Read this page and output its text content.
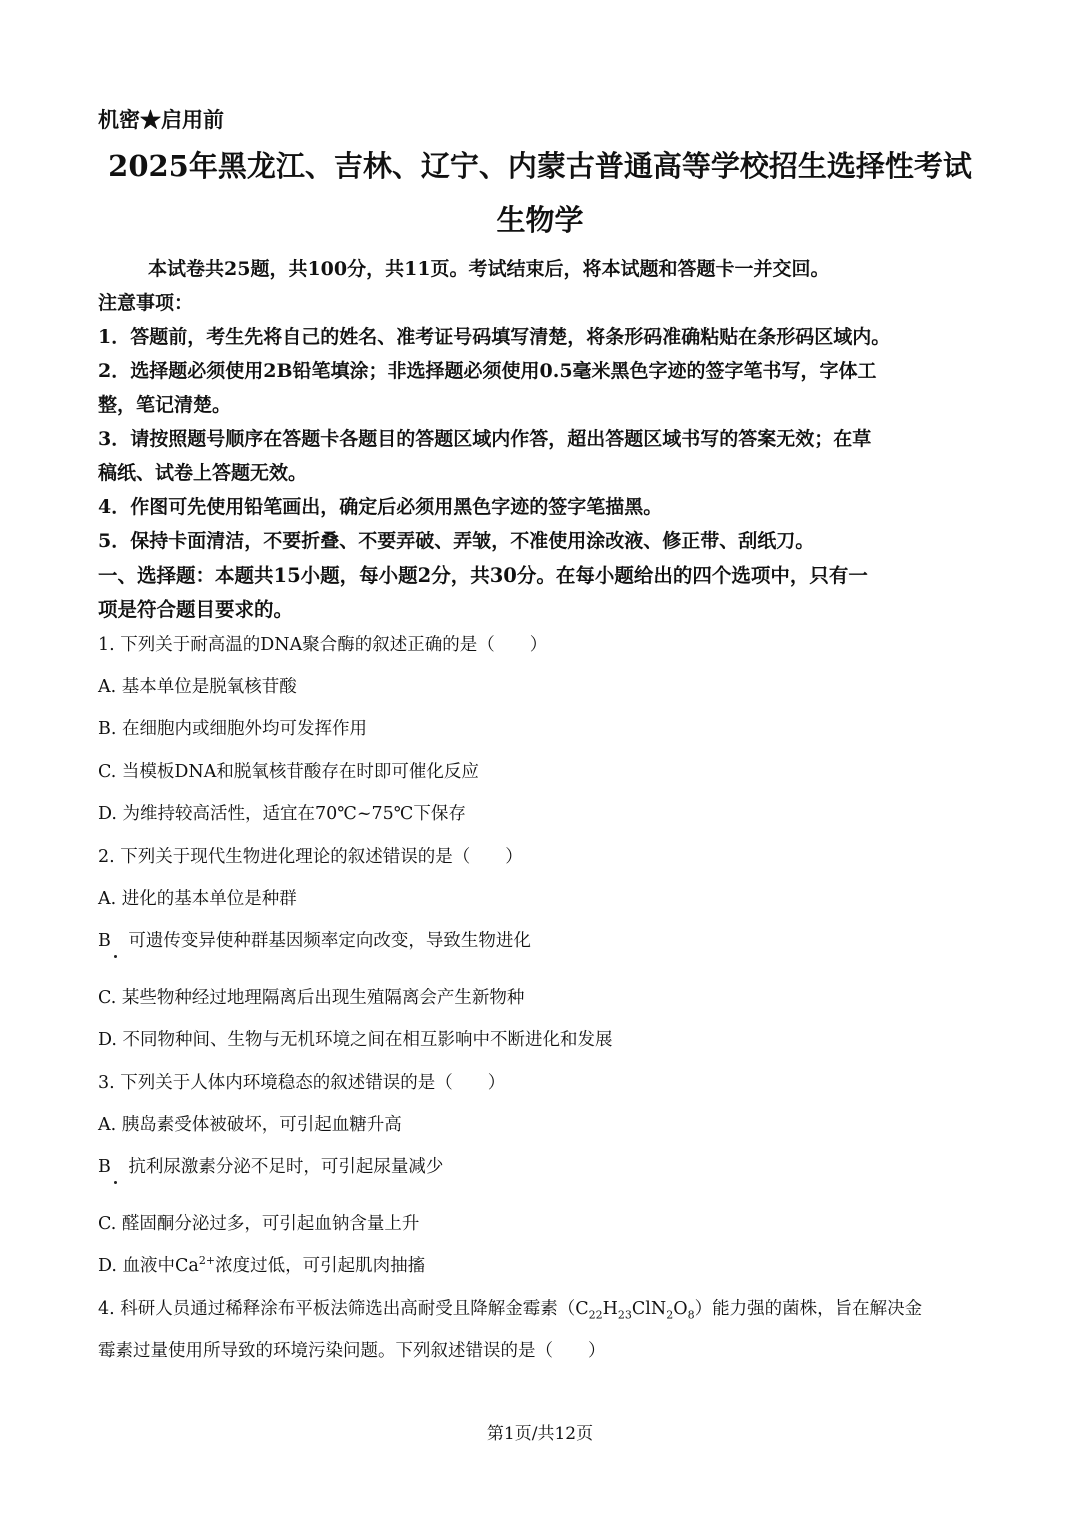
机密★启用前
2025年黑龙江、吉林、辽宁、内蒙古普通高等学校招生选择性考试
生物学
本试卷共25题，共100分，共11页。考试结束后，将本试题和答题卡一并交回。
注意事项：
1．答题前，考生先将自己的姓名、准考证号码填写清楚，将条形码准确粘贴在条形码区域内。
2．选择题必须使用2B铅笔填涂；非选择题必须使用0.5毫米黑色字迹的签字笔书写，字体工
整，笔记清楚。
3．请按照题号顺序在答题卡各题目的答题区域内作答，超出答题区域书写的答案无效；在草
稿纸、试卷上答题无效。
4．作图可先使用铅笔画出，确定后必须用黑色字迹的签字笔描黑。
5．保持卡面清洁，不要折叠、不要弄破、弄皱，不准使用涂改液、修正带、刮纸刀。
一、选择题：本题共15小题，每小题2分，共30分。在每小题给出的四个选项中，只有一
项是符合题目要求的。
1. 下列关于耐高温的DNA聚合酶的叙述正确的是（　　）
A. 基本单位是脱氧核苷酸
B. 在细胞内或细胞外均可发挥作用
C. 当模板DNA和脱氧核苷酸存在时即可催化反应
D. 为维持较高活性，适宜在70℃~75℃下保存
2. 下列关于现代生物进化理论的叙述错误的是（　　）
A. 进化的基本单位是种群
B　可遗传变异使种群基因频率定向改变，导致生物进化
C. 某些物种经过地理隔离后出现生殖隔离会产生新物种
D. 不同物种间、生物与无机环境之间在相互影响中不断进化和发展
3. 下列关于人体内环境稳态的叙述错误的是（　　）
A. 胰岛素受体被破坏，可引起血糖升高
B　抗利尿激素分泌不足时，可引起尿量减少
C. 醛固酮分泌过多，可引起血钠含量上升
D. 血液中$Ca^{2+}$浓度过低，可引起肌肉抽搐
4. 科研人员通过稀释涂布平板法筛选出高耐受且降解金霉素$(C_{22}H_{23}ClN_2O_8)$能力强的菌株，旨在解决金
霉素过量使用所导致的环境污染问题。下列叙述错误的是（　　）
第1页/共12页
